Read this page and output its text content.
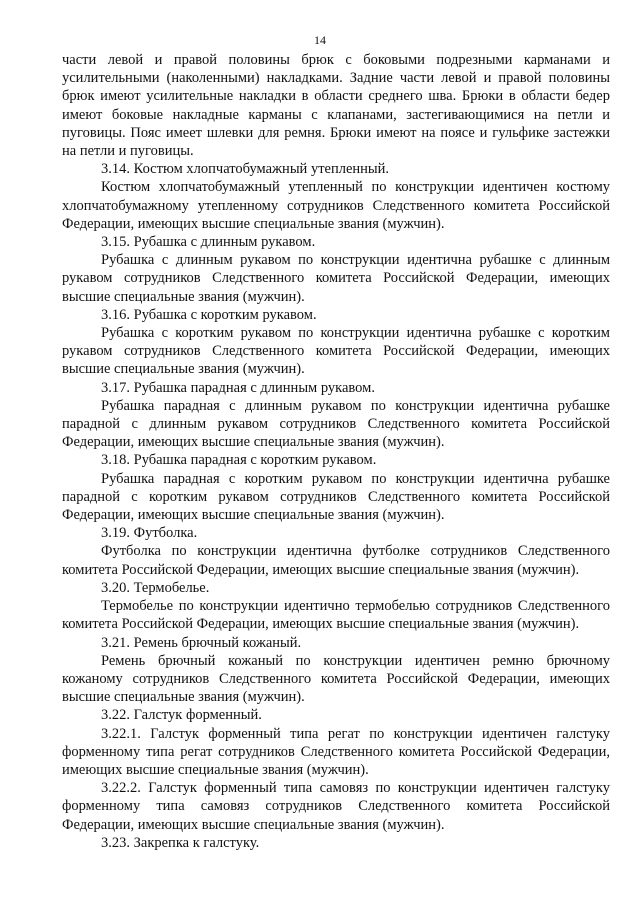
14

части левой и правой половины брюк с боковыми подрезными карманами и усилительными (наколенными) накладками. Задние части левой и правой половины брюк имеют усилительные накладки в области среднего шва. Брюки в области бедер имеют боковые накладные карманы с клапанами, застегивающимися на петли и пуговицы. Пояс имеет шлевки для ремня. Брюки имеют на поясе и гульфике застежки на петли и пуговицы.

3.14. Костюм хлопчатобумажный утепленный.

Костюм хлопчатобумажный утепленный по конструкции идентичен костюму хлопчатобумажному утепленному сотрудников Следственного комитета Российской Федерации, имеющих высшие специальные звания (мужчин).

3.15. Рубашка с длинным рукавом.

Рубашка с длинным рукавом по конструкции идентична рубашке с длинным рукавом сотрудников Следственного комитета Российской Федерации, имеющих высшие специальные звания (мужчин).

3.16. Рубашка с коротким рукавом.

Рубашка с коротким рукавом по конструкции идентична рубашке с коротким рукавом сотрудников Следственного комитета Российской Федерации, имеющих высшие специальные звания (мужчин).

3.17. Рубашка парадная с длинным рукавом.

Рубашка парадная с длинным рукавом по конструкции идентична рубашке парадной с длинным рукавом сотрудников Следственного комитета Российской Федерации, имеющих высшие специальные звания (мужчин).

3.18. Рубашка парадная с коротким рукавом.

Рубашка парадная с коротким рукавом по конструкции идентична рубашке парадной с коротким рукавом сотрудников Следственного комитета Российской Федерации, имеющих высшие специальные звания (мужчин).

3.19. Футболка.

Футболка по конструкции идентична футболке сотрудников Следственного комитета Российской Федерации, имеющих высшие специальные звания (мужчин).

3.20. Термобелье.

Термобелье по конструкции идентично термобелью сотрудников Следственного комитета Российской Федерации, имеющих высшие специальные звания (мужчин).

3.21. Ремень брючный кожаный.

Ремень брючный кожаный по конструкции идентичен ремню брючному кожаному сотрудников Следственного комитета Российской Федерации, имеющих высшие специальные звания (мужчин).

3.22. Галстук форменный.

3.22.1. Галстук форменный типа регат по конструкции идентичен галстуку форменному типа регат сотрудников Следственного комитета Российской Федерации, имеющих высшие специальные звания (мужчин).

3.22.2. Галстук форменный типа самовяз по конструкции идентичен галстуку форменному типа самовяз сотрудников Следственного комитета Российской Федерации, имеющих высшие специальные звания (мужчин).

3.23. Закрепка к галстуку.
